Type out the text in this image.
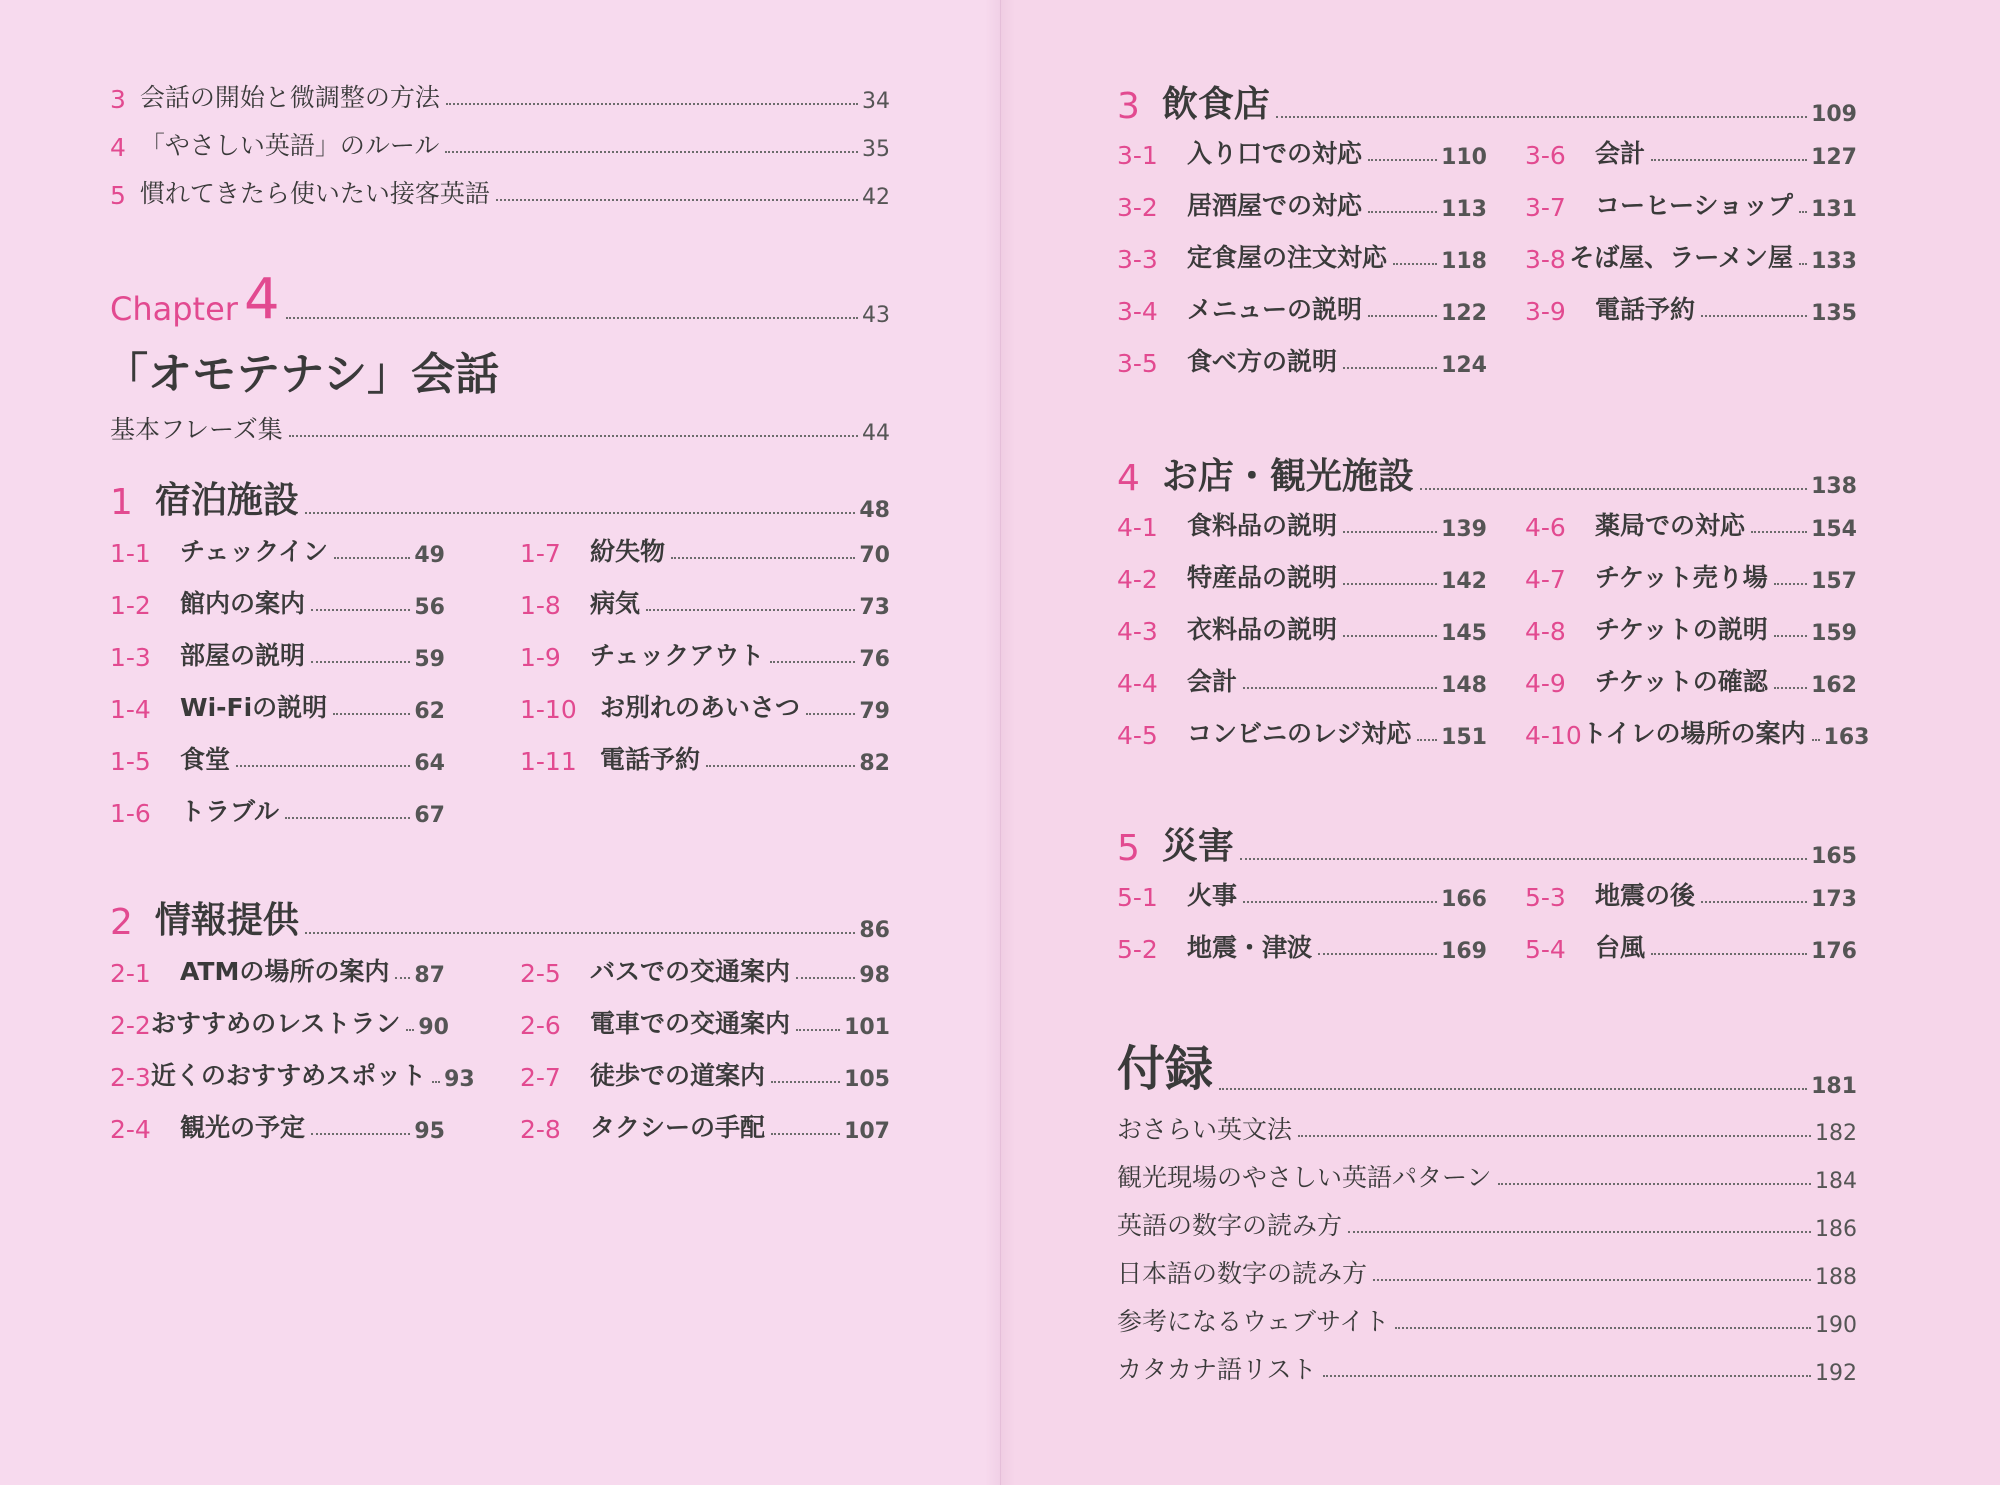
3 会話の開始と微調整の方法	34
4 「やさしい英語」のルール	35
5 慣れてきたら使いたい接客英語	42
Chapter 4	43
「オモテナシ」会話
基本フレーズ集	44
1 宿泊施設	48
1-1	チェックイン	49
1-2	館内の案内	56
1-3	部屋の説明	59
1-4	Wi-Fiの説明	62
1-5	食堂	64
1-6	トラブル	67
1-7	紛失物	70
1-8	病気	73
1-9	チェックアウト	76
1-10 お別れのあいさつ	79
1-11 電話予約	82
2 情報提供	86
2-1	ATMの場所の案内 87
2-2 おすすめのレストラン 90
2-3 近くのおすすめスポット 93
2-4	観光の予定	95
2-5	バスでの交通案内	98
2-6	電車での交通案内 101
2-7	徒歩での道案内	105
2-8	タクシーの手配	107
3 飲食店	109
3-1	入り口での対応	110
3-2	居酒屋での対応	113
3-3	定食屋の注文対応 118
3-4	メニューの説明	122
3-5	食べ方の説明	124
3-6	会計	127
3-7	コーヒーショップ 131
3-8 そば屋、ラーメン屋 133
3-9	電話予約	135
4 お店・観光施設	138
4-1	食料品の説明	139
4-2	特産品の説明	142
4-3	衣料品の説明	145
4-4	会計	148
4-5	コンビニのレジ対応 151
4-6	薬局での対応	154
4-7	チケット売り場 157
4-8	チケットの説明 159
4-9	チケットの確認 162
4-10 トイレの場所の案内 163
5 災害	165
5-1	火事	166
5-2	地震・津波	169
5-3	地震の後	173
5-4	台風	176
付録	181
おさらい英文法	182
観光現場のやさしい英語パターン	184
英語の数字の読み方	186
日本語の数字の読み方	188
参考になるウェブサイト	190
カタカナ語リスト	192
